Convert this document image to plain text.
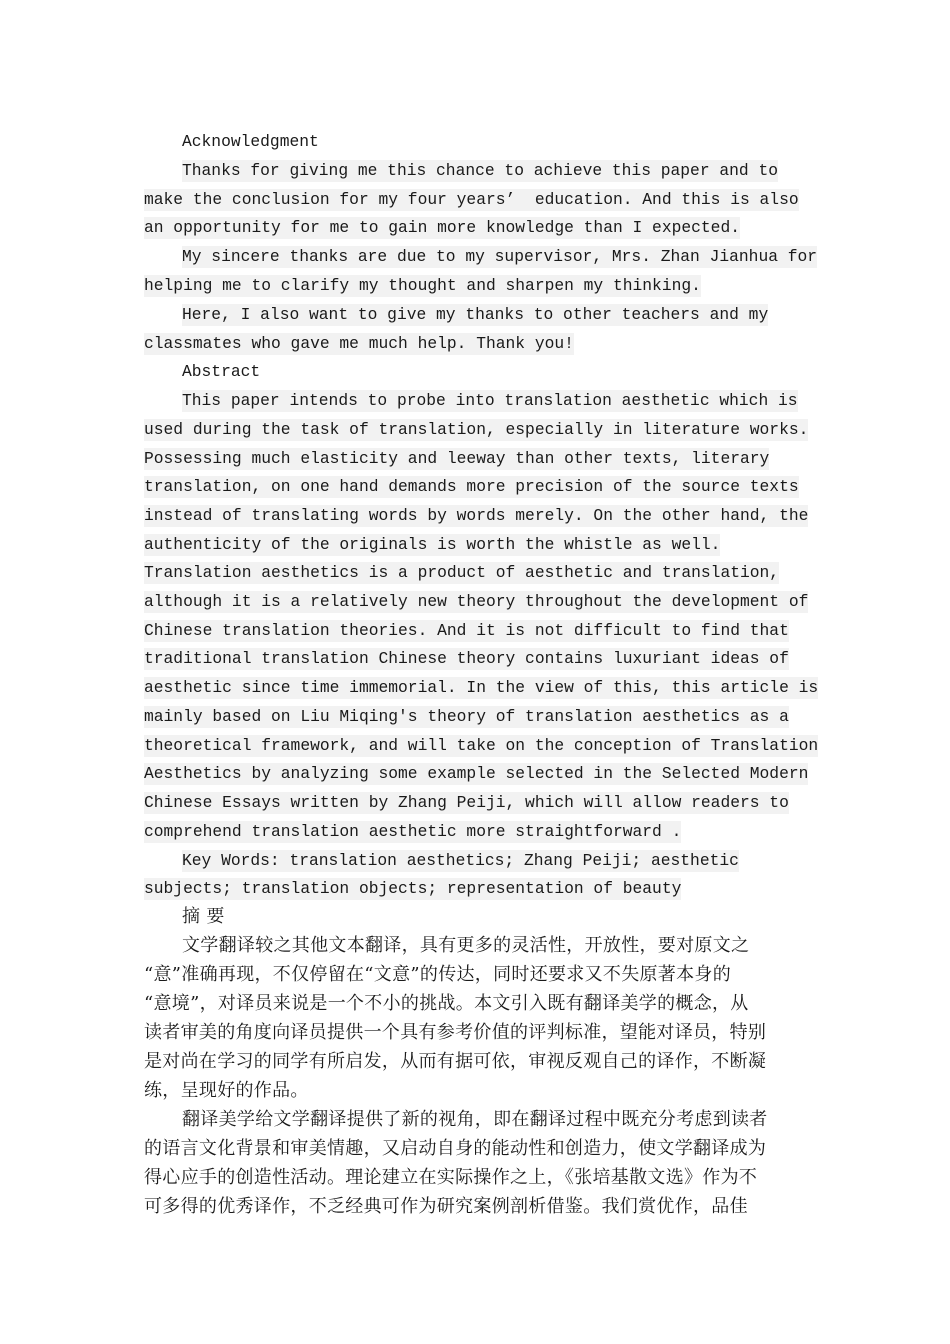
Acknowledgment
Thanks for giving me this chance to achieve this paper and to
make the conclusion for my four years’  education. And this is also
an opportunity for me to gain more knowledge than I expected.
My sincere thanks are due to my supervisor, Mrs. Zhan Jianhua for
helping me to clarify my thought and sharpen my thinking.
Here, I also want to give my thanks to other teachers and my
classmates who gave me much help. Thank you!
Abstract
This paper intends to probe into translation aesthetic which is
used during the task of translation, especially in literature works.
Possessing much elasticity and leeway than other texts, literary
translation, on one hand demands more precision of the source texts
instead of translating words by words merely. On the other hand, the
authenticity of the originals is worth the whistle as well.
Translation aesthetics is a product of aesthetic and translation,
although it is a relatively new theory throughout the development of
Chinese translation theories. And it is not difficult to find that
traditional translation Chinese theory contains luxuriant ideas of
aesthetic since time immemorial. In the view of this, this article is
mainly based on Liu Miqing's theory of translation aesthetics as a
theoretical framework, and will take on the conception of Translation
Aesthetics by analyzing some example selected in the Selected Modern
Chinese Essays written by Zhang Peiji, which will allow readers to
comprehend translation aesthetic more straightforward .
Key Words: translation aesthetics; Zhang Peiji; aesthetic
subjects; translation objects; representation of beauty
摘 要
文学翻译较之其他文本翻译，具有更多的灵活性，开放性，要对原文之
“意”准确再现，不仅停留在“文意”的传达，同时还要求又不失原著本身的
“意境”，对译员来说是一个不小的挑战。本文引入既有翻译美学的概念，从
读者审美的角度向译员提供一个具有参考价值的评判标准，望能对译员，特别
是对尚在学习的同学有所启发，从而有据可依，审视反观自己的译作，不断凝
练，呈现好的作品。
翻译美学给文学翻译提供了新的视角，即在翻译过程中既充分考虑到读者
的语言文化背景和审美情趣，又启动自身的能动性和创造力，使文学翻译成为
得心应手的创造性活动。理论建立在实际操作之上，《张培基散文选》作为不
可多得的优秀译作，不乏经典可作为研究案例剖析借鉴。我们赏优作，品佳
